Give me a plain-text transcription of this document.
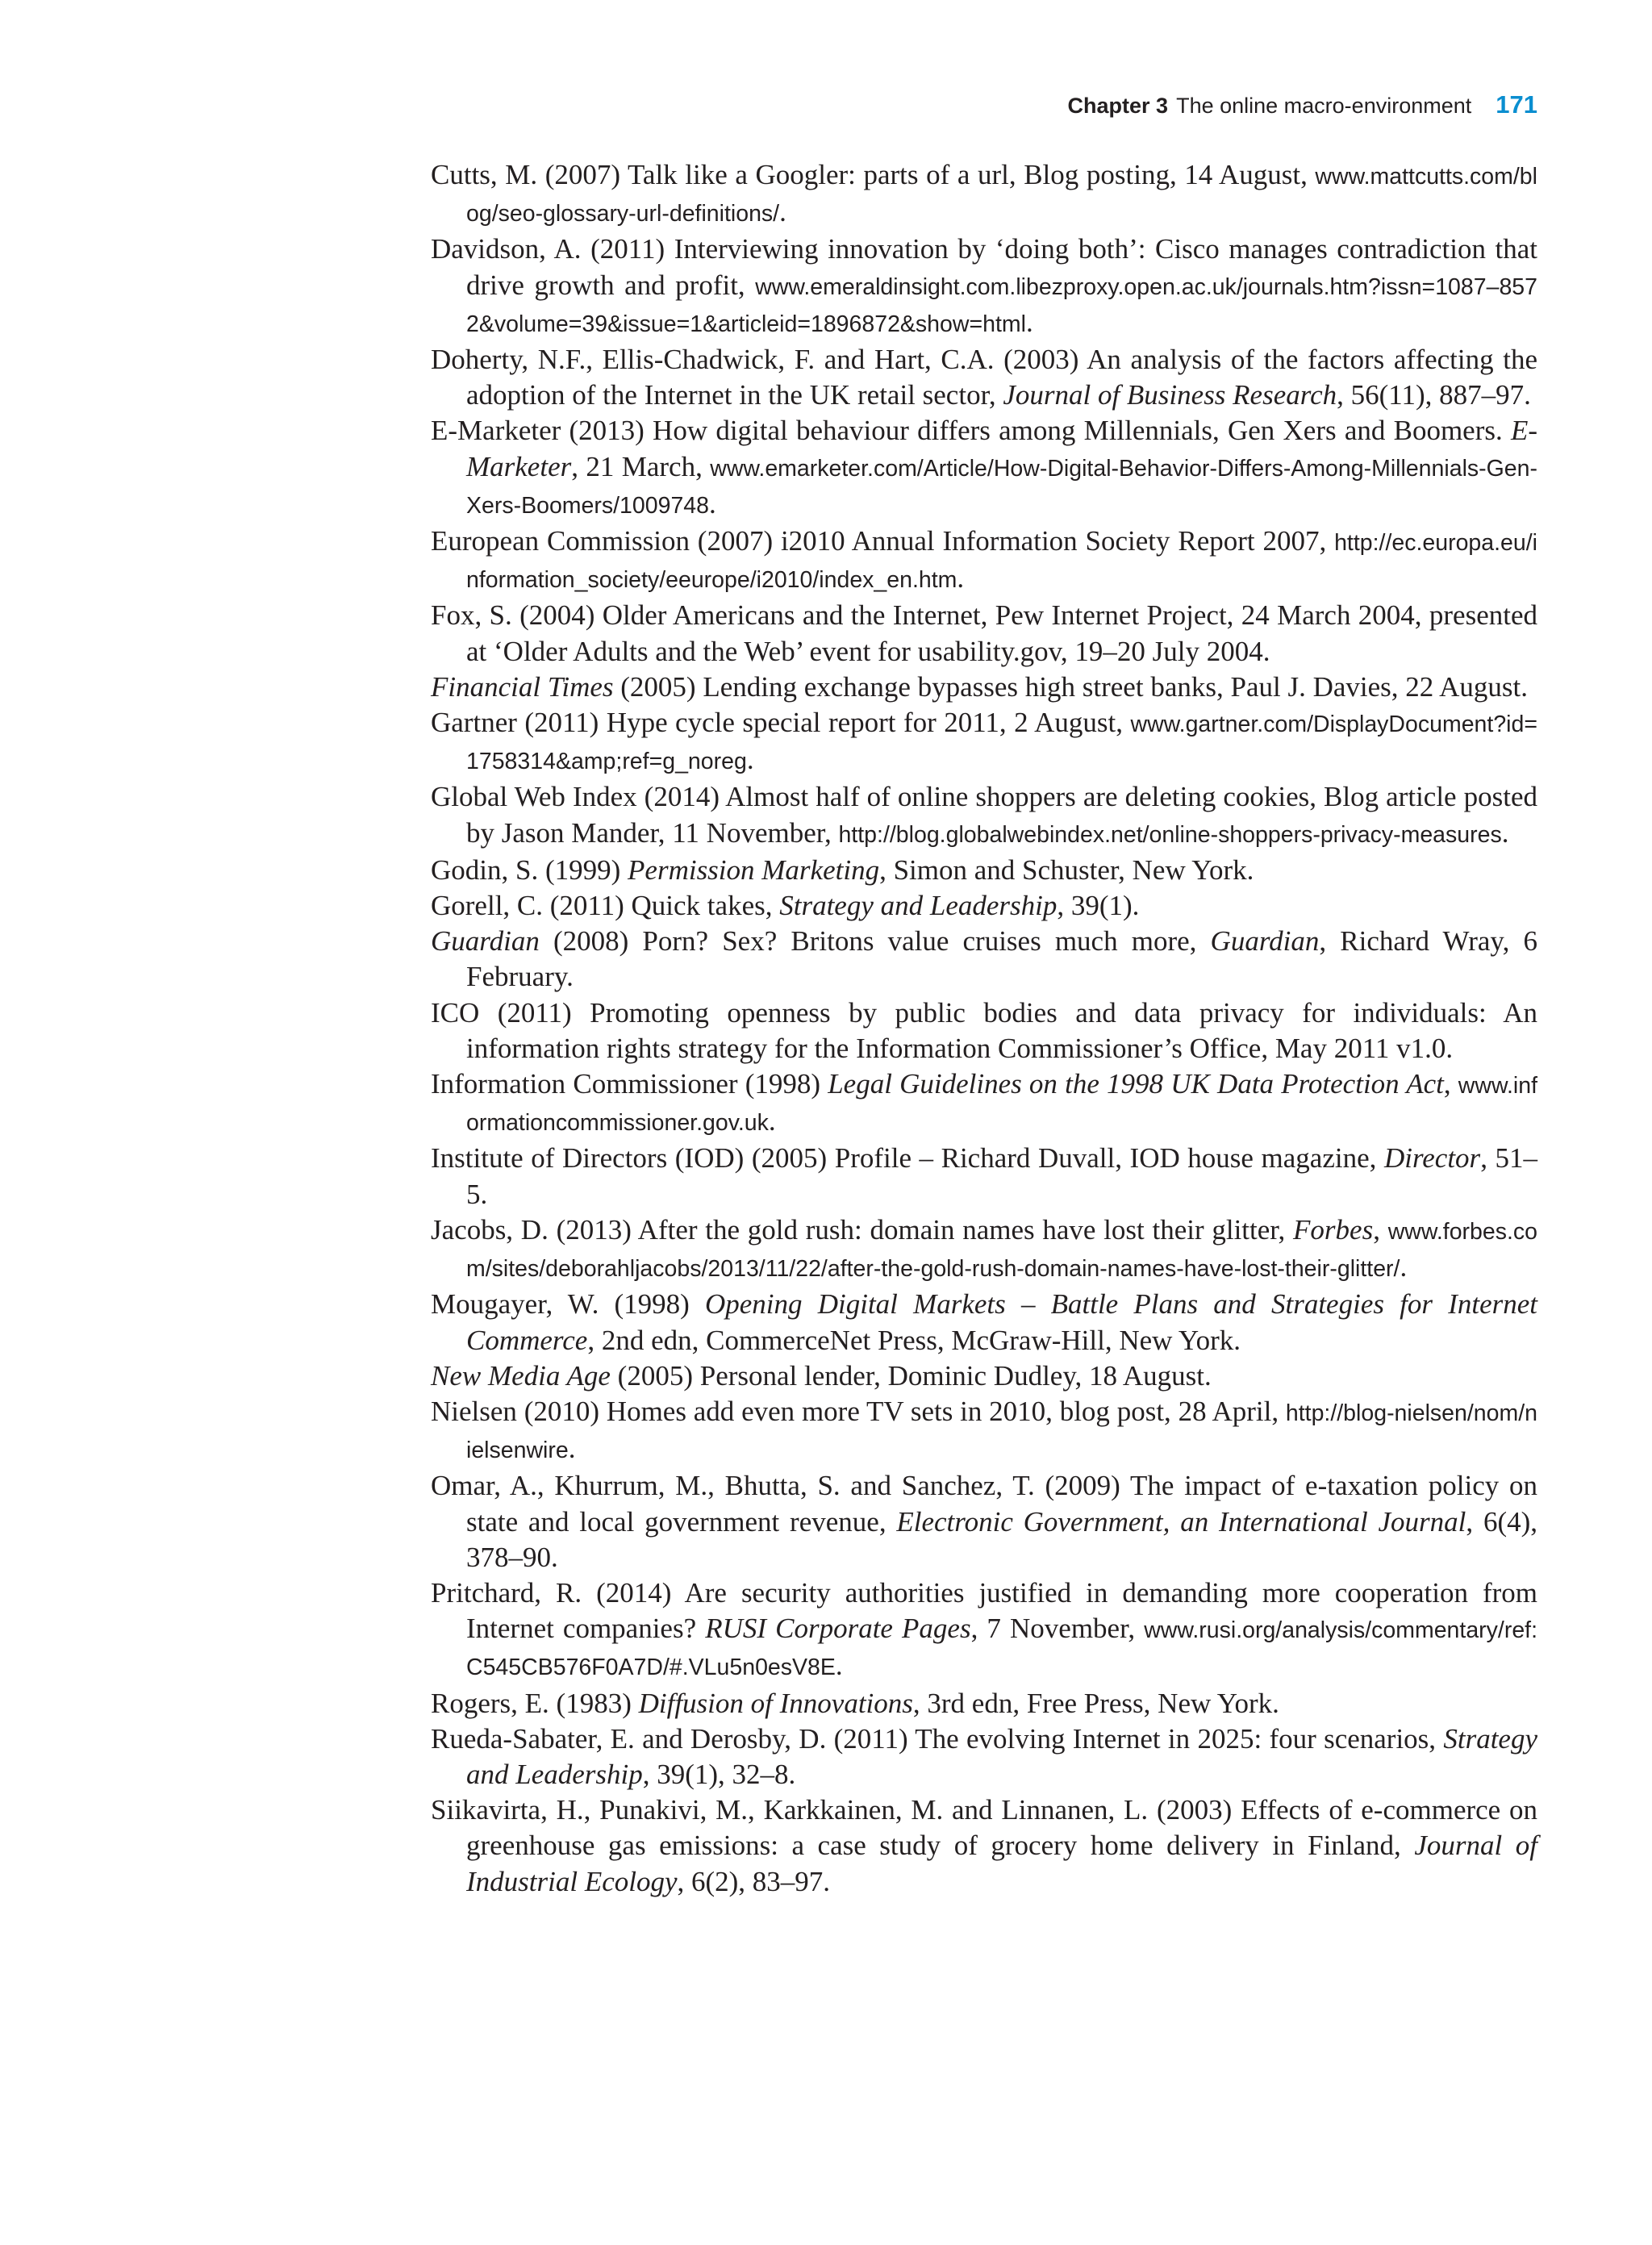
Chapter 3 The online macro-environment 171

Cutts, M. (2007) Talk like a Googler: parts of a url, Blog posting, 14 August, www.mattcutts.com/blog/seo-glossary-url-definitions/.

Davidson, A. (2011) Interviewing innovation by ‘doing both’: Cisco manages contradiction that drive growth and profit, www.emeraldinsight.com.libezproxy.open.ac.uk/journals.htm?issn=1087–8572&volume=39&issue=1&articleid=1896872&show=html.

Doherty, N.F., Ellis-Chadwick, F. and Hart, C.A. (2003) An analysis of the factors affecting the adoption of the Internet in the UK retail sector, Journal of Business Research, 56(11), 887–97.

E-Marketer (2013) How digital behaviour differs among Millennials, Gen Xers and Boomers. E-Marketer, 21 March, www.emarketer.com/Article/How-Digital-Behavior-Differs-Among-Millennials-Gen-Xers-Boomers/1009748.

European Commission (2007) i2010 Annual Information Society Report 2007, http://ec.europa.eu/information_society/eeurope/i2010/index_en.htm.

Fox, S. (2004) Older Americans and the Internet, Pew Internet Project, 24 March 2004, presented at ‘Older Adults and the Web’ event for usability.gov, 19–20 July 2004.

Financial Times (2005) Lending exchange bypasses high street banks, Paul J. Davies, 22 August.

Gartner (2011) Hype cycle special report for 2011, 2 August, www.gartner.com/DisplayDocument?id=1758314&amp;ref=g_noreg.

Global Web Index (2014) Almost half of online shoppers are deleting cookies, Blog article posted by Jason Mander, 11 November, http://blog.globalwebindex.net/online-shoppers-privacy-measures.

Godin, S. (1999) Permission Marketing, Simon and Schuster, New York.

Gorell, C. (2011) Quick takes, Strategy and Leadership, 39(1).

Guardian (2008) Porn? Sex? Britons value cruises much more, Guardian, Richard Wray, 6 February.

ICO (2011) Promoting openness by public bodies and data privacy for individuals: An information rights strategy for the Information Commissioner’s Office, May 2011 v1.0.

Information Commissioner (1998) Legal Guidelines on the 1998 UK Data Protection Act, www.informationcommissioner.gov.uk.

Institute of Directors (IOD) (2005) Profile – Richard Duvall, IOD house magazine, Director, 51–5.

Jacobs, D. (2013) After the gold rush: domain names have lost their glitter, Forbes, www.forbes.com/sites/deborahljacobs/2013/11/22/after-the-gold-rush-domain-names-have-lost-their-glitter/.

Mougayer, W. (1998) Opening Digital Markets – Battle Plans and Strategies for Internet Commerce, 2nd edn, CommerceNet Press, McGraw-Hill, New York.

New Media Age (2005) Personal lender, Dominic Dudley, 18 August.

Nielsen (2010) Homes add even more TV sets in 2010, blog post, 28 April, http://blog-nielsen/nom/nielsenwire.

Omar, A., Khurrum, M., Bhutta, S. and Sanchez, T. (2009) The impact of e-taxation policy on state and local government revenue, Electronic Government, an International Journal, 6(4), 378–90.

Pritchard, R. (2014) Are security authorities justified in demanding more cooperation from Internet companies? RUSI Corporate Pages, 7 November, www.rusi.org/analysis/commentary/ref:C545CB576F0A7D/#.VLu5n0esV8E.

Rogers, E. (1983) Diffusion of Innovations, 3rd edn, Free Press, New York.

Rueda-Sabater, E. and Derosby, D. (2011) The evolving Internet in 2025: four scenarios, Strategy and Leadership, 39(1), 32–8.

Siikavirta, H., Punakivi, M., Karkkainen, M. and Linnanen, L. (2003) Effects of e-commerce on greenhouse gas emissions: a case study of grocery home delivery in Finland, Journal of Industrial Ecology, 6(2), 83–97.
